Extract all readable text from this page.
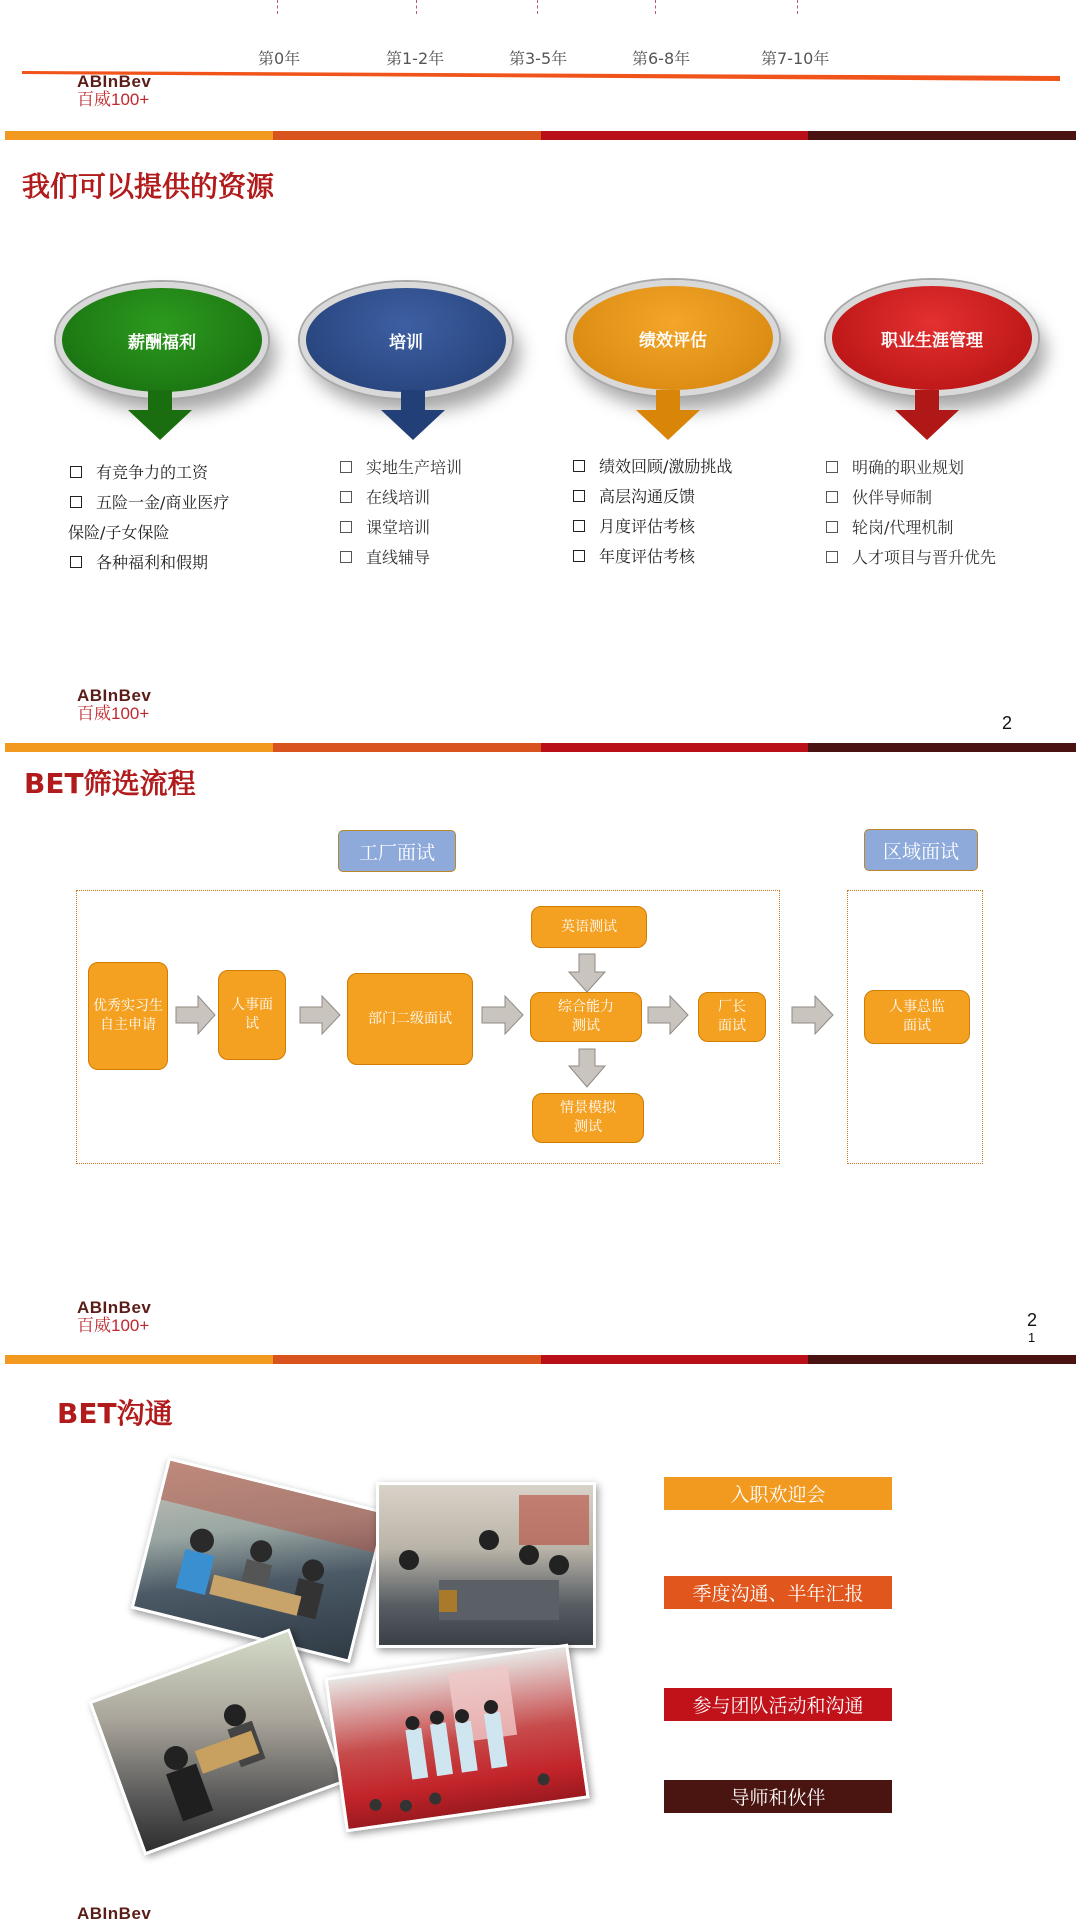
第0年	第1-2年	第3-5年	第6-8年	第7-10年
ABInBev
百威100+
我们可以提供的资源
薪酬福利	培训	绩效评估	职业生涯管理
有竞争力的工资
五险一金/商业医疗
保险/子女保险
各种福利和假期
实地生产培训
在线培训
课堂培训
直线辅导
绩效回顾/激励挑战
高层沟通反馈
月度评估考核
年度评估考核
明确的职业规划
伙伴导师制
轮岗/代理机制
人才项目与晋升优先
ABInBev
百威100+	2
BET筛选流程
工厂面试	区域面试
优秀实习生自主申请
人事面试	部门二级面试
英语测试
综合能力测试
情景模拟测试
厂长面试
人事总监面试
ABInBev
百威100+	2
1
BET沟通
入职欢迎会
季度沟通、半年汇报
参与团队活动和沟通
导师和伙伴
ABInBev
